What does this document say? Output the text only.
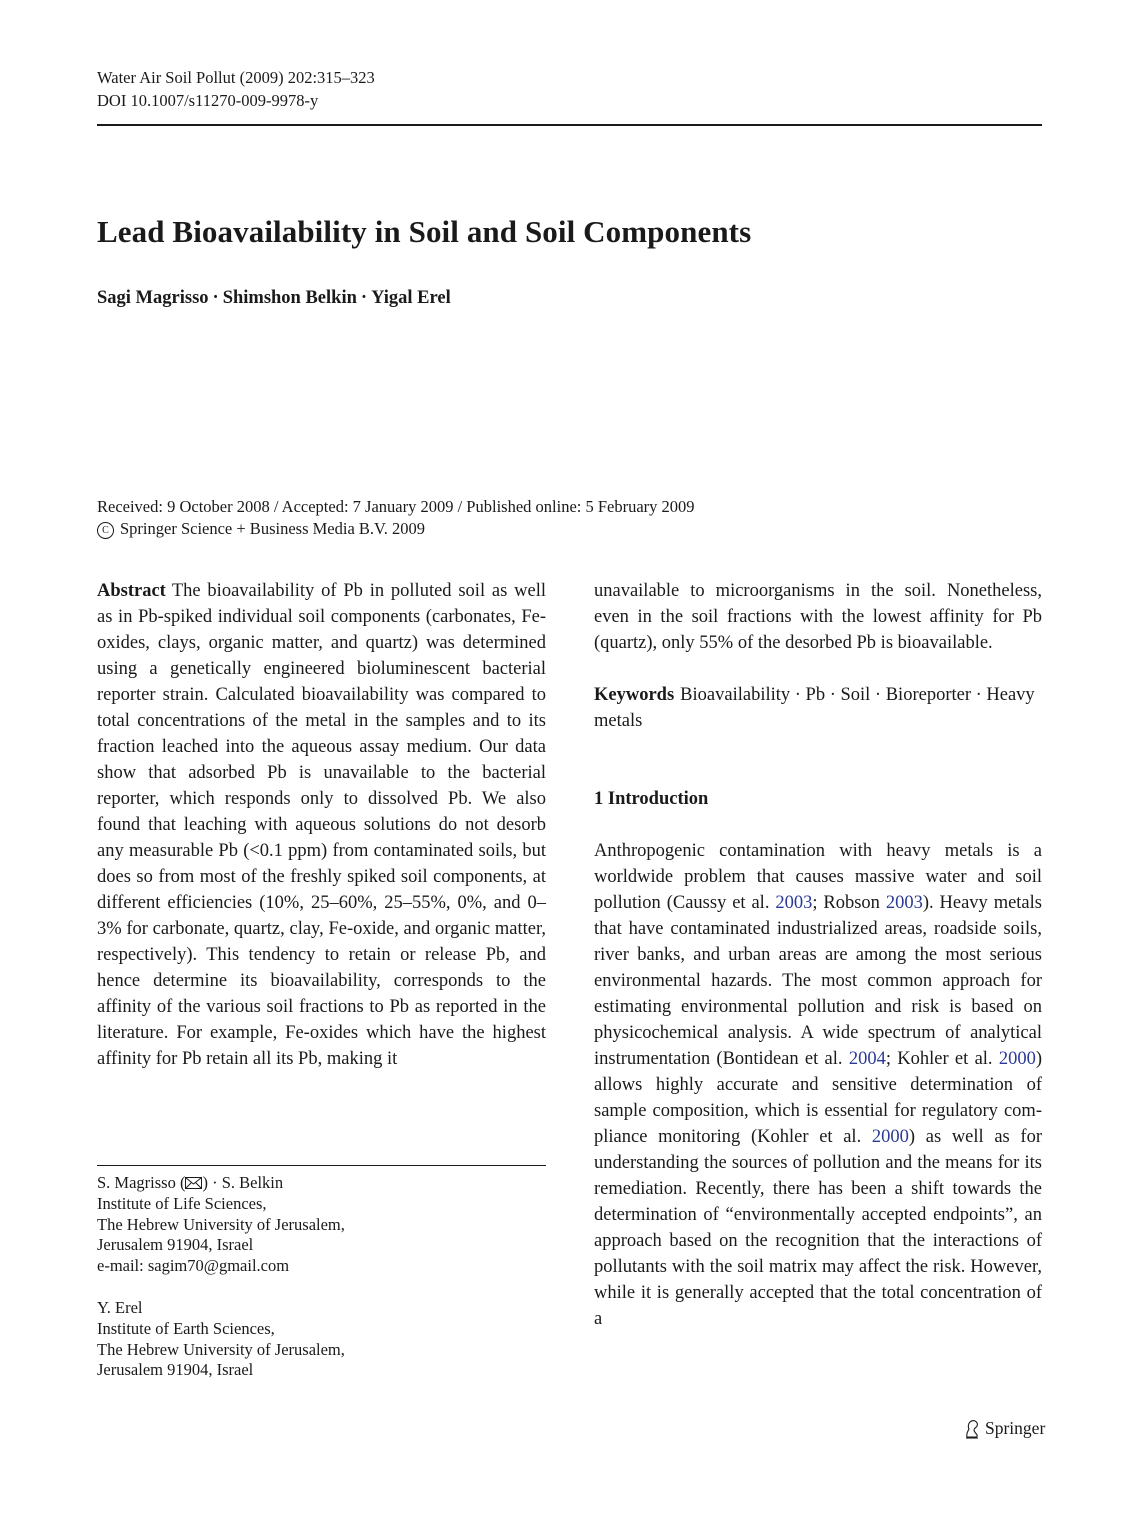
Water Air Soil Pollut (2009) 202:315–323
DOI 10.1007/s11270-009-9978-y
Lead Bioavailability in Soil and Soil Components
Sagi Magrisso · Shimshon Belkin · Yigal Erel
Received: 9 October 2008 / Accepted: 7 January 2009 / Published online: 5 February 2009
C Springer Science + Business Media B.V. 2009

Abstract The bioavailability of Pb in polluted soil as well as in Pb-spiked individual soil components (carbonates, Fe-oxides, clays, organic matter, and quartz) was determined using a genetically engineered bioluminescent bacterial reporter strain. Calculated bioavailability was compared to total concentrations of the metal in the samples and to its fraction leached into the aqueous assay medium. Our data show that adsorbed Pb is unavailable to the bacterial reporter, which responds only to dissolved Pb. We also found that leaching with aqueous solutions do not desorb any measurable Pb (<0.1 ppm) from contaminated soils, but does so from most of the freshly spiked soil components, at different efficiencies (10%, 25–60%, 25–55%, 0%, and 0–3% for carbonate, quartz, clay, Fe-oxide, and organic matter, respectively). This tendency to retain or release Pb, and hence determine its bioavailability, corresponds to the affinity of the various soil fractions to Pb as reported in the literature. For example, Fe-oxides which have the highest affinity for Pb retain all its Pb, making it

unavailable to microorganisms in the soil. Nonetheless, even in the soil fractions with the lowest affinity for Pb (quartz), only 55% of the desorbed Pb is bioavailable.

Keywords Bioavailability · Pb · Soil · Bioreporter · Heavy metals

1 Introduction

Anthropogenic contamination with heavy metals is a worldwide problem that causes massive water and soil pollution (Caussy et al. 2003; Robson 2003). Heavy metals that have contaminated industrialized areas, roadside soils, river banks, and urban areas are among the most serious environmental hazards. The most common approach for estimating environmental pollution and risk is based on physicochemical analysis. A wide spectrum of analytical instrumentation (Bontidean et al. 2004; Kohler et al. 2000) allows highly accurate and sensitive determination of sample composition, which is essential for regulatory compliance monitoring (Kohler et al. 2000) as well as for understanding the sources of pollution and the means for its remediation. Recently, there has been a shift towards the determination of “environmentally accepted endpoints”, an approach based on the recognition that the interactions of pollutants with the soil matrix may affect the risk. However, while it is generally accepted that the total concentration of a

S. Magrisso ( ) · S. Belkin
Institute of Life Sciences,
The Hebrew University of Jerusalem,
Jerusalem 91904, Israel
e-mail: sagim70@gmail.com
Y. Erel
Institute of Earth Sciences,
The Hebrew University of Jerusalem,
Jerusalem 91904, Israel
Springer
